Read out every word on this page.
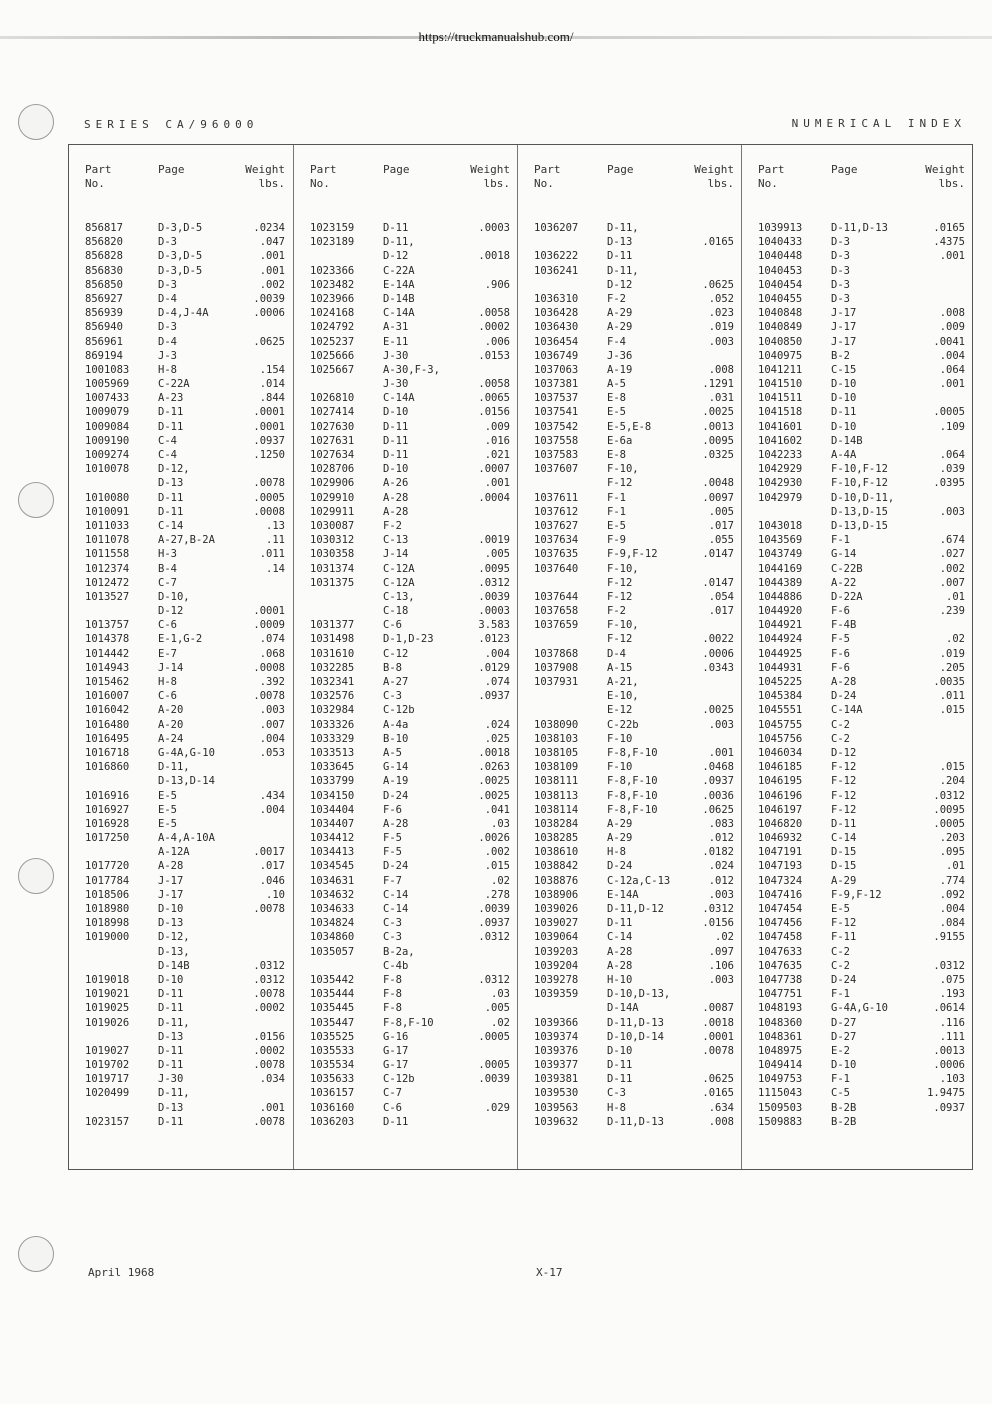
https://truckmanualshub.com/
SERIES CA/96000	NUMERICAL INDEX
Part
No.
Page	Weight
lbs.
856817	D-3,D-5	.0234
856820	D-3	.047
856828	D-3,D-5	.001
856830	D-3,D-5	.001
856850	D-3	.002
856927	D-4	.0039
856939	D-4,J-4A	.0006
856940	D-3
856961	D-4	.0625
869194	J-3
1001083	H-8	.154
1005969	C-22A	.014
1007433	A-23	.844
1009079	D-11	.0001
1009084	D-11	.0001
1009190	C-4	.0937
1009274	C-4	.1250
1010078	D-12,
D-13	.0078
1010080	D-11	.0005
1010091	D-11	.0008
1011033	C-14	.13
1011078	A-27,B-2A	.11
1011558	H-3	.011
1012374	B-4	.14
1012472	C-7
1013527	D-10,
D-12	.0001
1013757	C-6	.0009
1014378	E-1,G-2	.074
1014442	E-7	.068
1014943	J-14	.0008
1015462	H-8	.392
1016007	C-6	.0078
1016042	A-20	.003
1016480	A-20	.007
1016495	A-24	.004
1016718	G-4A,G-10	.053
1016860	D-11,
D-13,D-14
1016916	E-5	.434
1016927	E-5	.004
1016928	E-5
1017250	A-4,A-10A
A-12A	.0017
1017720	A-28	.017
1017784	J-17	.046
1018506	J-17	.10
1018980	D-10	.0078
1018998	D-13
1019000	D-12,
D-13,
D-14B	.0312
1019018	D-10	.0312
1019021	D-11	.0078
1019025	D-11	.0002
1019026	D-11,
D-13	.0156
1019027	D-11	.0002
1019702	D-11	.0078
1019717	J-30	.034
1020499	D-11,
D-13	.001
1023157	D-11	.0078
Part
No.
Page	Weight
lbs.
1023159	D-11	.0003
1023189	D-11,
D-12	.0018
1023366	C-22A
1023482	E-14A	.906
1023966	D-14B
1024168	C-14A	.0058
1024792	A-31	.0002
1025237	E-11	.006
1025666	J-30	.0153
1025667	A-30,F-3,
J-30	.0058
1026810	C-14A	.0065
1027414	D-10	.0156
1027630	D-11	.009
1027631	D-11	.016
1027634	D-11	.021
1028706	D-10	.0007
1029906	A-26	.001
1029910	A-28	.0004
1029911	A-28
1030087	F-2
1030312	C-13	.0019
1030358	J-14	.005
1031374	C-12A	.0095
1031375	C-12A	.0312
C-13,	.0039
C-18	.0003
1031377	C-6	3.583
1031498	D-1,D-23	.0123
1031610	C-12	.004
1032285	B-8	.0129
1032341	A-27	.074
1032576	C-3	.0937
1032984	C-12b
1033326	A-4a	.024
1033329	B-10	.025
1033513	A-5	.0018
1033645	G-14	.0263
1033799	A-19	.0025
1034150	D-24	.0025
1034404	F-6	.041
1034407	A-28	.03
1034412	F-5	.0026
1034413	F-5	.002
1034545	D-24	.015
1034631	F-7	.02
1034632	C-14	.278
1034633	C-14	.0039
1034824	C-3	.0937
1034860	C-3	.0312
1035057	B-2a,
C-4b
1035442	F-8	.0312
1035444	F-8	.03
1035445	F-8	.005
1035447	F-8,F-10	.02
1035525	G-16	.0005
1035533	G-17
1035534	G-17	.0005
1035633	C-12b	.0039
1036157	C-7
1036160	C-6	.029
1036203	D-11
Part
No.
Page	Weight
lbs.
1036207	D-11,
D-13	.0165
1036222	D-11
1036241	D-11,
D-12	.0625
1036310	F-2	.052
1036428	A-29	.023
1036430	A-29	.019
1036454	F-4	.003
1036749	J-36
1037063	A-19	.008
1037381	A-5	.1291
1037537	E-8	.031
1037541	E-5	.0025
1037542	E-5,E-8	.0013
1037558	E-6a	.0095
1037583	E-8	.0325
1037607	F-10,
F-12	.0048
1037611	F-1	.0097
1037612	F-1	.005
1037627	E-5	.017
1037634	F-9	.055
1037635	F-9,F-12	.0147
1037640	F-10,
F-12	.0147
1037644	F-12	.054
1037658	F-2	.017
1037659	F-10,
F-12	.0022
1037868	D-4	.0006
1037908	A-15	.0343
1037931	A-21,
E-10,
E-12	.0025
1038090	C-22b	.003
1038103	F-10
1038105	F-8,F-10	.001
1038109	F-10	.0468
1038111	F-8,F-10	.0937
1038113	F-8,F-10	.0036
1038114	F-8,F-10	.0625
1038284	A-29	.083
1038285	A-29	.012
1038610	H-8	.0182
1038842	D-24	.024
1038876	C-12a,C-13	.012
1038906	E-14A	.003
1039026	D-11,D-12	.0312
1039027	D-11	.0156
1039064	C-14	.02
1039203	A-28	.097
1039204	A-28	.106
1039278	H-10	.003
1039359	D-10,D-13,
D-14A	.0087
1039366	D-11,D-13	.0018
1039374	D-10,D-14	.0001
1039376	D-10	.0078
1039377	D-11
1039381	D-11	.0625
1039530	C-3	.0165
1039563	H-8	.634
1039632	D-11,D-13	.008
Part
No.
Page	Weight
lbs.
1039913	D-11,D-13	.0165
1040433	D-3	.4375
1040448	D-3	.001
1040453	D-3
1040454	D-3
1040455	D-3
1040848	J-17	.008
1040849	J-17	.009
1040850	J-17	.0041
1040975	B-2	.004
1041211	C-15	.064
1041510	D-10	.001
1041511	D-10
1041518	D-11	.0005
1041601	D-10	.109
1041602	D-14B
1042233	A-4A	.064
1042929	F-10,F-12	.039
1042930	F-10,F-12	.0395
1042979	D-10,D-11,
D-13,D-15	.003
1043018	D-13,D-15
1043569	F-1	.674
1043749	G-14	.027
1044169	C-22B	.002
1044389	A-22	.007
1044886	D-22A	.01
1044920	F-6	.239
1044921	F-4B
1044924	F-5	.02
1044925	F-6	.019
1044931	F-6	.205
1045225	A-28	.0035
1045384	D-24	.011
1045551	C-14A	.015
1045755	C-2
1045756	C-2
1046034	D-12
1046185	F-12	.015
1046195	F-12	.204
1046196	F-12	.0312
1046197	F-12	.0095
1046820	D-11	.0005
1046932	C-14	.203
1047191	D-15	.095
1047193	D-15	.01
1047324	A-29	.774
1047416	F-9,F-12	.092
1047454	E-5	.004
1047456	F-12	.084
1047458	F-11	.9155
1047633	C-2
1047635	C-2	.0312
1047738	D-24	.075
1047751	F-1	.193
1048193	G-4A,G-10	.0614
1048360	D-27	.116
1048361	D-27	.111
1048975	E-2	.0013
1049414	D-10	.0006
1049753	F-1	.103
1115043	C-5	1.9475
1509503	B-2B	.0937
1509883	B-2B
April 1968	X-17
